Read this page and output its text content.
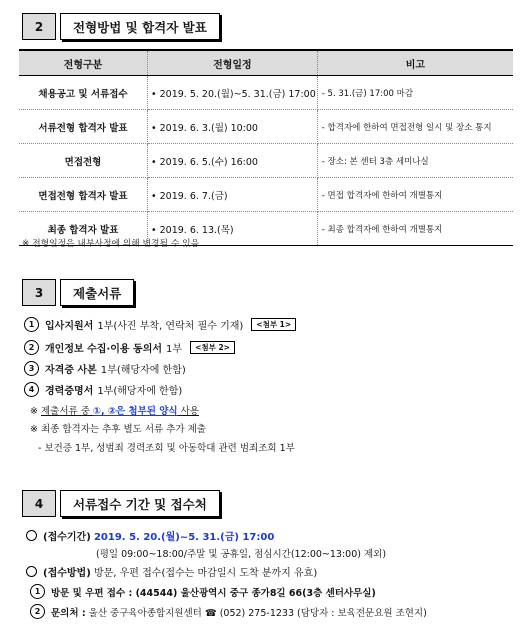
2	전형방법 및 합격자 발표
전형구분	전형일정	비고
채용공고 및 서류접수	• 2019. 5. 20.(월)~5. 31.(금) 17:00	- 5. 31.(금) 17:00 마감
서류전형 합격자 발표	• 2019. 6. 3.(월) 10:00	- 합격자에 한하여 면접전형 일시 및 장소 통지
면접전형	• 2019. 6. 5.(수) 16:00	- 장소: 본 센터 3층 세미나실
면접전형 합격자 발표	• 2019. 6. 7.(금)	- 면접 합격자에 한하여 개별통지
최종 합격자 발표	• 2019. 6. 13.(목)	- 최종 합격자에 한하여 개별통지
※ 전형일정은 내부사정에 의해 변경될 수 있음
3	제출서류
1	입사지원서 1부(사진 부착, 연락처 필수 기재)	<첨부 1>
2	개인정보 수집·이용 동의서 1부	<첨부 2>
3	자격증 사본 1부(해당자에 한함)
4	경력증명서 1부(해당자에 한함)
※ 제출서류 중 ①, ②은 첨부된 양식 사용
※ 최종 합격자는 추후 별도 서류 추가 제출
- 보건증 1부, 성범죄 경력조회 및 아동학대 관련 범죄조회 1부
4	서류접수 기간 및 접수처
(접수기간)
2019. 5. 20.(월)~5. 31.(금) 17:00
(평일 09:00~18:00/주말 및 공휴일, 점심시간(12:00~13:00) 제외)
(접수방법)
방문, 우편 접수(접수는 마감일시 도착 분까지 유효)
1	방문 및 우편 접수 : (44544) 울산광역시 중구 종가8길 66(3층 센터사무실)
2	문의처 :
울산 중구육아종합지원센터 ☎ (052) 275-1233 (담당자 : 보육전문요원 조현지)
